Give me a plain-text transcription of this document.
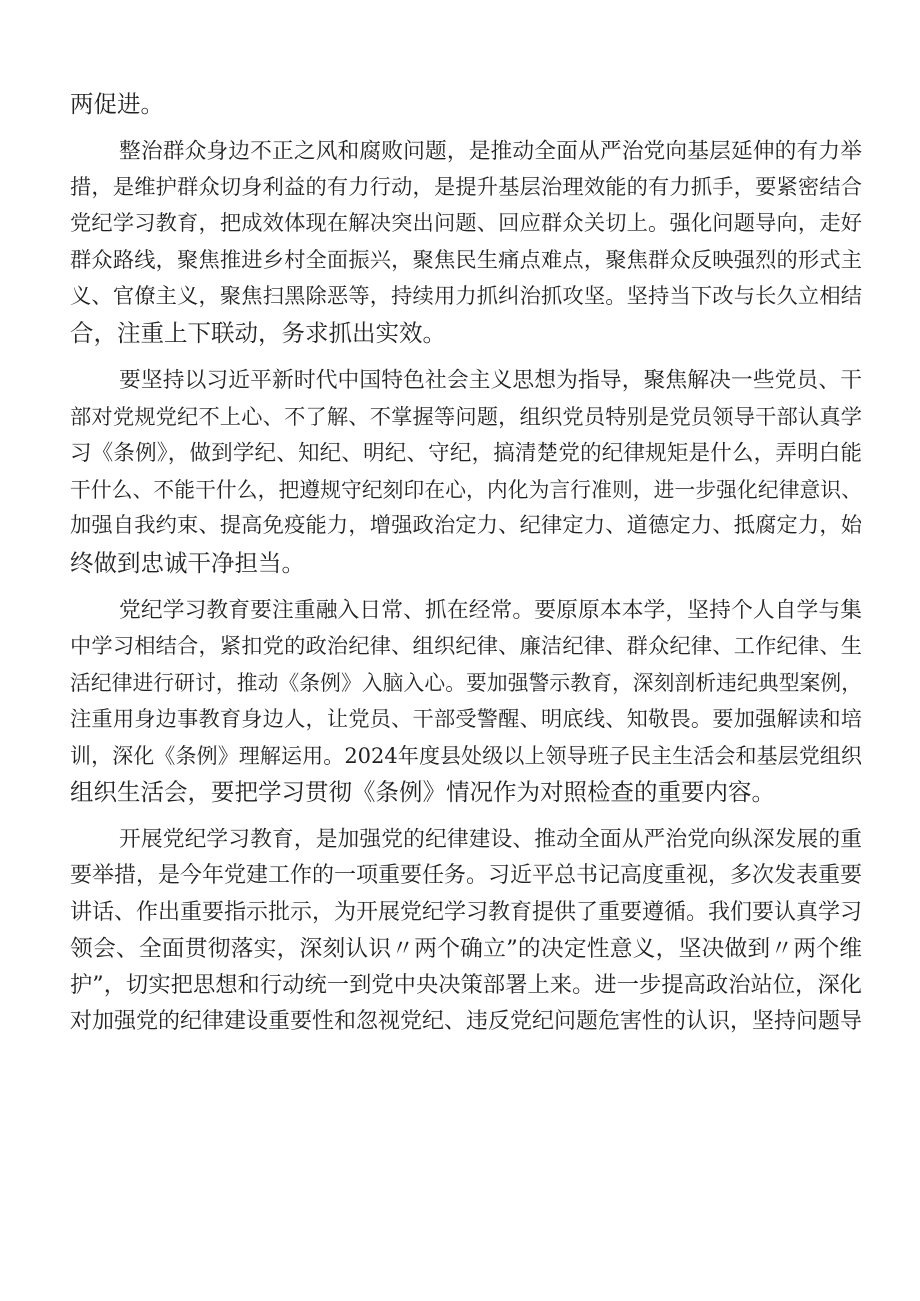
两促进。
整治群众身边不正之风和腐败问题，是推动全面从严治党向基层延伸的有力举
措，是维护群众切身利益的有力行动，是提升基层治理效能的有力抓手，要紧密结合
党纪学习教育，把成效体现在解决突出问题、回应群众关切上。强化问题导向，走好
群众路线，聚焦推进乡村全面振兴，聚焦民生痛点难点，聚焦群众反映强烈的形式主
义、官僚主义，聚焦扫黑除恶等，持续用力抓纠治抓攻坚。坚持当下改与长久立相结
合，注重上下联动，务求抓出实效。
要坚持以习近平新时代中国特色社会主义思想为指导，聚焦解决一些党员、干
部对党规党纪不上心、不了解、不掌握等问题，组织党员特别是党员领导干部认真学
习《条例》，做到学纪、知纪、明纪、守纪，搞清楚党的纪律规矩是什么，弄明白能
干什么、不能干什么，把遵规守纪刻印在心，内化为言行准则，进一步强化纪律意识、
加强自我约束、提高免疫能力，增强政治定力、纪律定力、道德定力、抵腐定力，始
终做到忠诚干净担当。
党纪学习教育要注重融入日常、抓在经常。要原原本本学，坚持个人自学与集
中学习相结合，紧扣党的政治纪律、组织纪律、廉洁纪律、群众纪律、工作纪律、生
活纪律进行研讨，推动《条例》入脑入心。要加强警示教育，深刻剖析违纪典型案例，
注重用身边事教育身边人，让党员、干部受警醒、明底线、知敬畏。要加强解读和培
训，深化《条例》理解运用。2024年度县处级以上领导班子民主生活会和基层党组织
组织生活会，要把学习贯彻《条例》情况作为对照检查的重要内容。
开展党纪学习教育，是加强党的纪律建设、推动全面从严治党向纵深发展的重
要举措，是今年党建工作的一项重要任务。习近平总书记高度重视，多次发表重要
讲话、作出重要指示批示，为开展党纪学习教育提供了重要遵循。我们要认真学习
领会、全面贯彻落实，深刻认识〃两个确立”的决定性意义，坚决做到〃两个维
护”，切实把思想和行动统一到党中央决策部署上来。进一步提高政治站位，深化
对加强党的纪律建设重要性和忽视党纪、违反党纪问题危害性的认识，坚持问题导
